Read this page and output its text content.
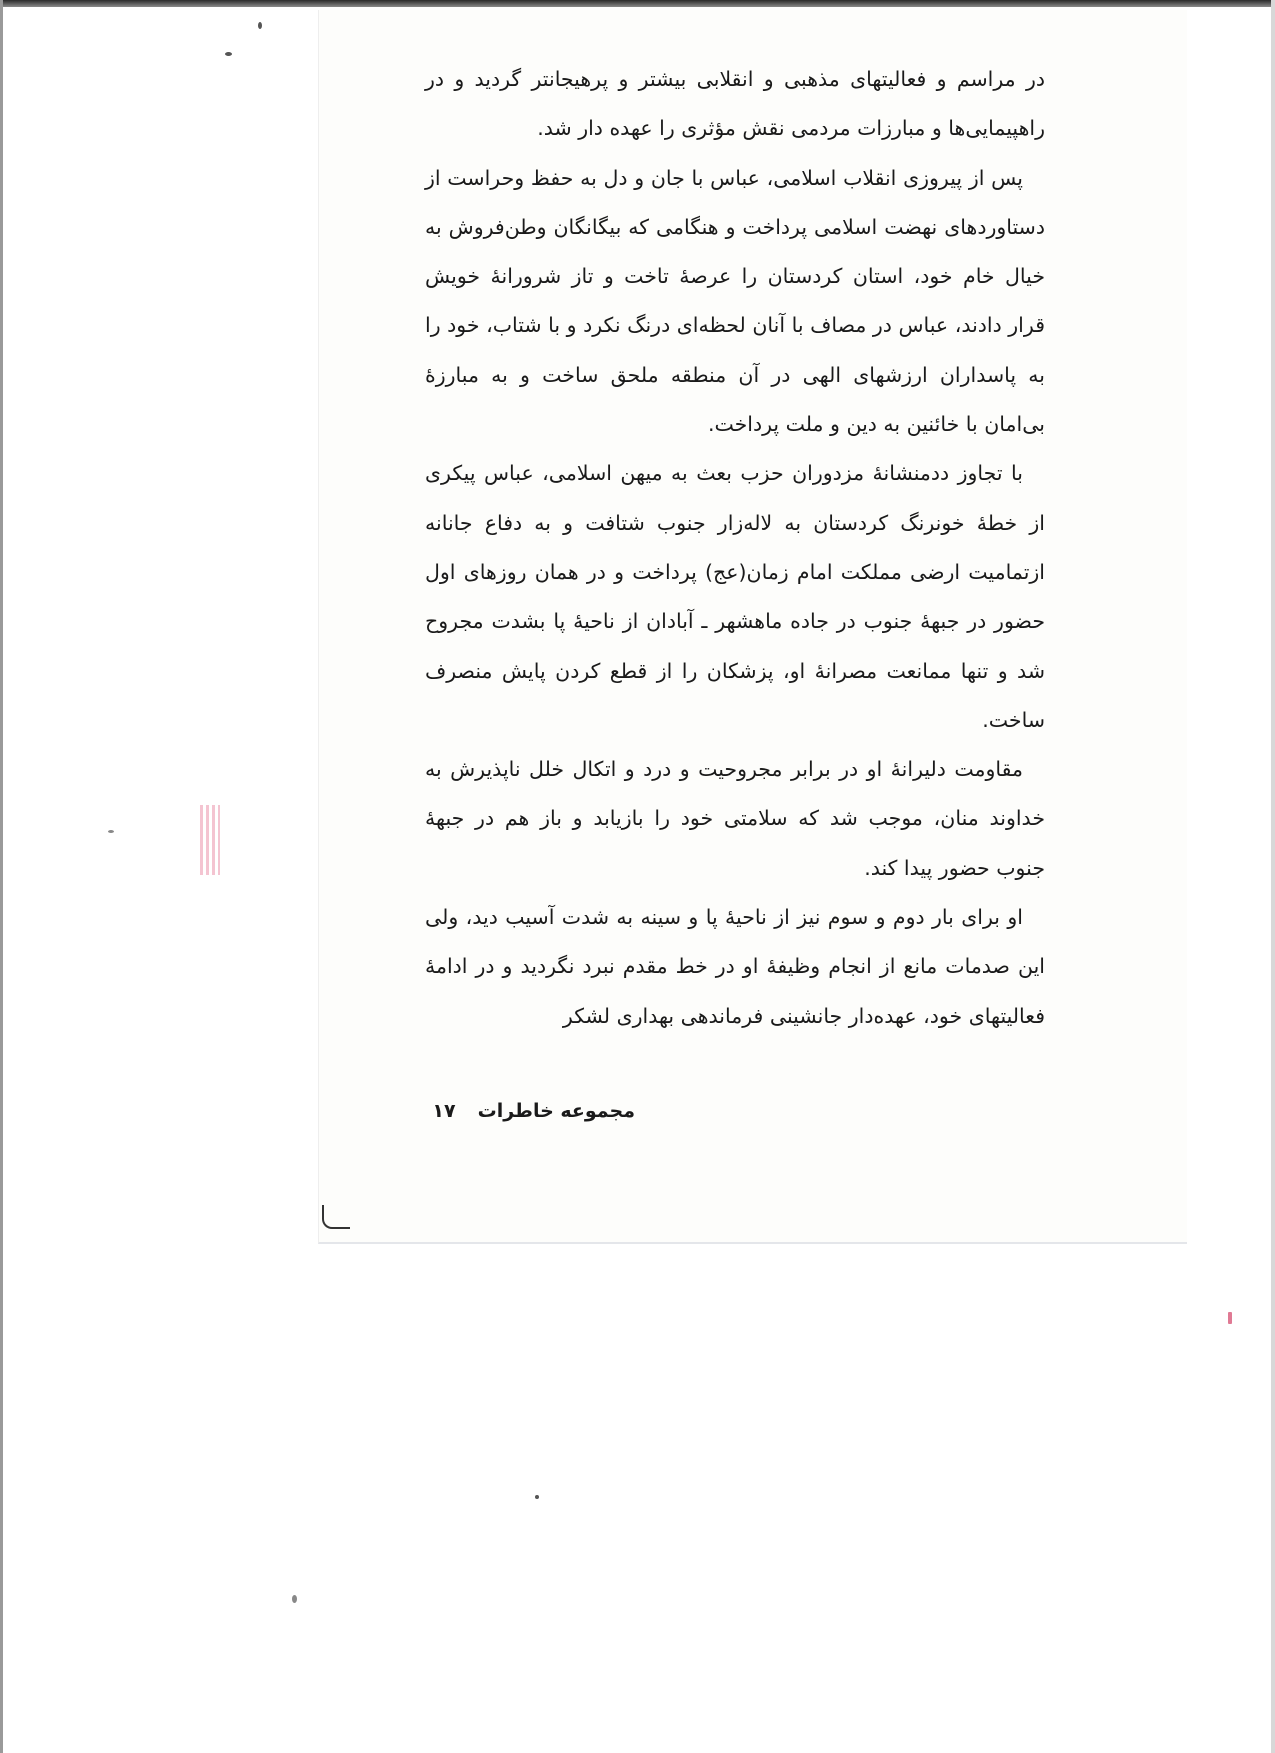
در مراسم و فعالیتهای مذهبی و انقلابی بیشتر و پرهیجانتر گردید و در راهپیمایی‌ها و مبارزات مردمی نقش مؤثری را عهده دار شد.

پس از پیروزی انقلاب اسلامی، عباس با جان و دل به حفظ وحراست از دستاوردهای نهضت اسلامی پرداخت و هنگامی که بیگانگان وطن‌فروش به خیال خام خود، استان کردستان را عرصهٔ تاخت و تاز شرورانهٔ خویش قرار دادند، عباس در مصاف با آنان لحظه‌ای درنگ نکرد و با شتاب، خود را به پاسداران ارزشهای الهی در آن منطقه ملحق ساخت و به مبارزهٔ بی‌امان با خائنین به دین و ملت پرداخت.

با تجاوز ددمنشانهٔ مزدوران حزب بعث به میهن اسلامی، عباس پیکری از خطهٔ خونرنگ کردستان به لاله‌زار جنوب شتافت و به دفاع جانانه ازتمامیت ارضی مملکت امام زمان(عج) پرداخت و در همان روزهای اول حضور در جبههٔ جنوب در جاده ماهشهر ـ آبادان از ناحیهٔ پا بشدت مجروح شد و تنها ممانعت مصرانهٔ او، پزشکان را از قطع کردن پایش منصرف ساخت.

مقاومت دلیرانهٔ او در برابر مجروحیت و درد و اتکال خلل ناپذیرش به خداوند منان، موجب شد که سلامتی خود را بازیابد و باز هم در جبههٔ جنوب حضور پیدا کند.

او برای بار دوم و سوم نیز از ناحیهٔ پا و سینه به شدت آسیب دید، ولی این صدمات مانع از انجام وظیفهٔ او در خط مقدم نبرد نگردید و در ادامهٔ فعالیتهای خود، عهده‌دار جانشینی فرماندهی بهداری لشکر

مجموعه خاطرات۱۷
